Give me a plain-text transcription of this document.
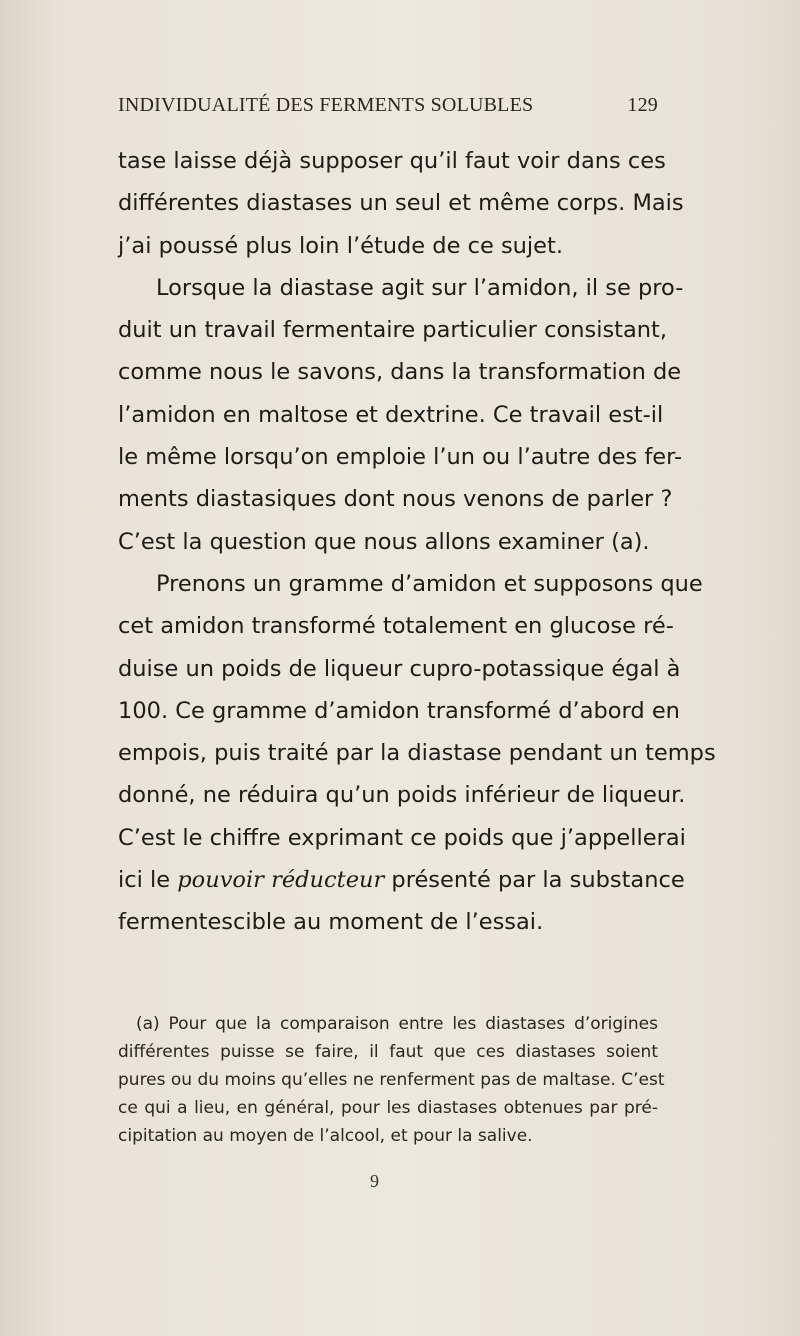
INDIVIDUALITÉ DES FERMENTS SOLUBLES	129
tase laisse déjà supposer qu’il faut voir dans ces
différentes diastases un seul et même corps. Mais
j’ai poussé plus loin l’étude de ce sujet.
Lorsque la diastase agit sur l’amidon, il se pro-
duit un travail fermentaire particulier consistant,
comme nous le savons, dans la transformation de
l’amidon en maltose et dextrine. Ce travail est-il
le même lorsqu’on emploie l’un ou l’autre des fer-
ments diastasiques dont nous venons de parler ?
C’est la question que nous allons examiner (a).
Prenons un gramme d’amidon et supposons que
cet amidon transformé totalement en glucose ré-
duise un poids de liqueur cupro-potassique égal à
100. Ce gramme d’amidon transformé d’abord en
empois, puis traité par la diastase pendant un temps
donné, ne réduira qu’un poids inférieur de liqueur.
C’est le chiffre exprimant ce poids que j’appellerai
ici le pouvoir réducteur présenté par la substance
fermentescible au moment de l’essai.
(a) Pour que la comparaison entre les diastases d’origines
différentes puisse se faire, il faut que ces diastases soient
pures ou du moins qu’elles ne renferment pas de maltase. C’est
ce qui a lieu, en général, pour les diastases obtenues par pré-
cipitation au moyen de l’alcool, et pour la salive.
9
